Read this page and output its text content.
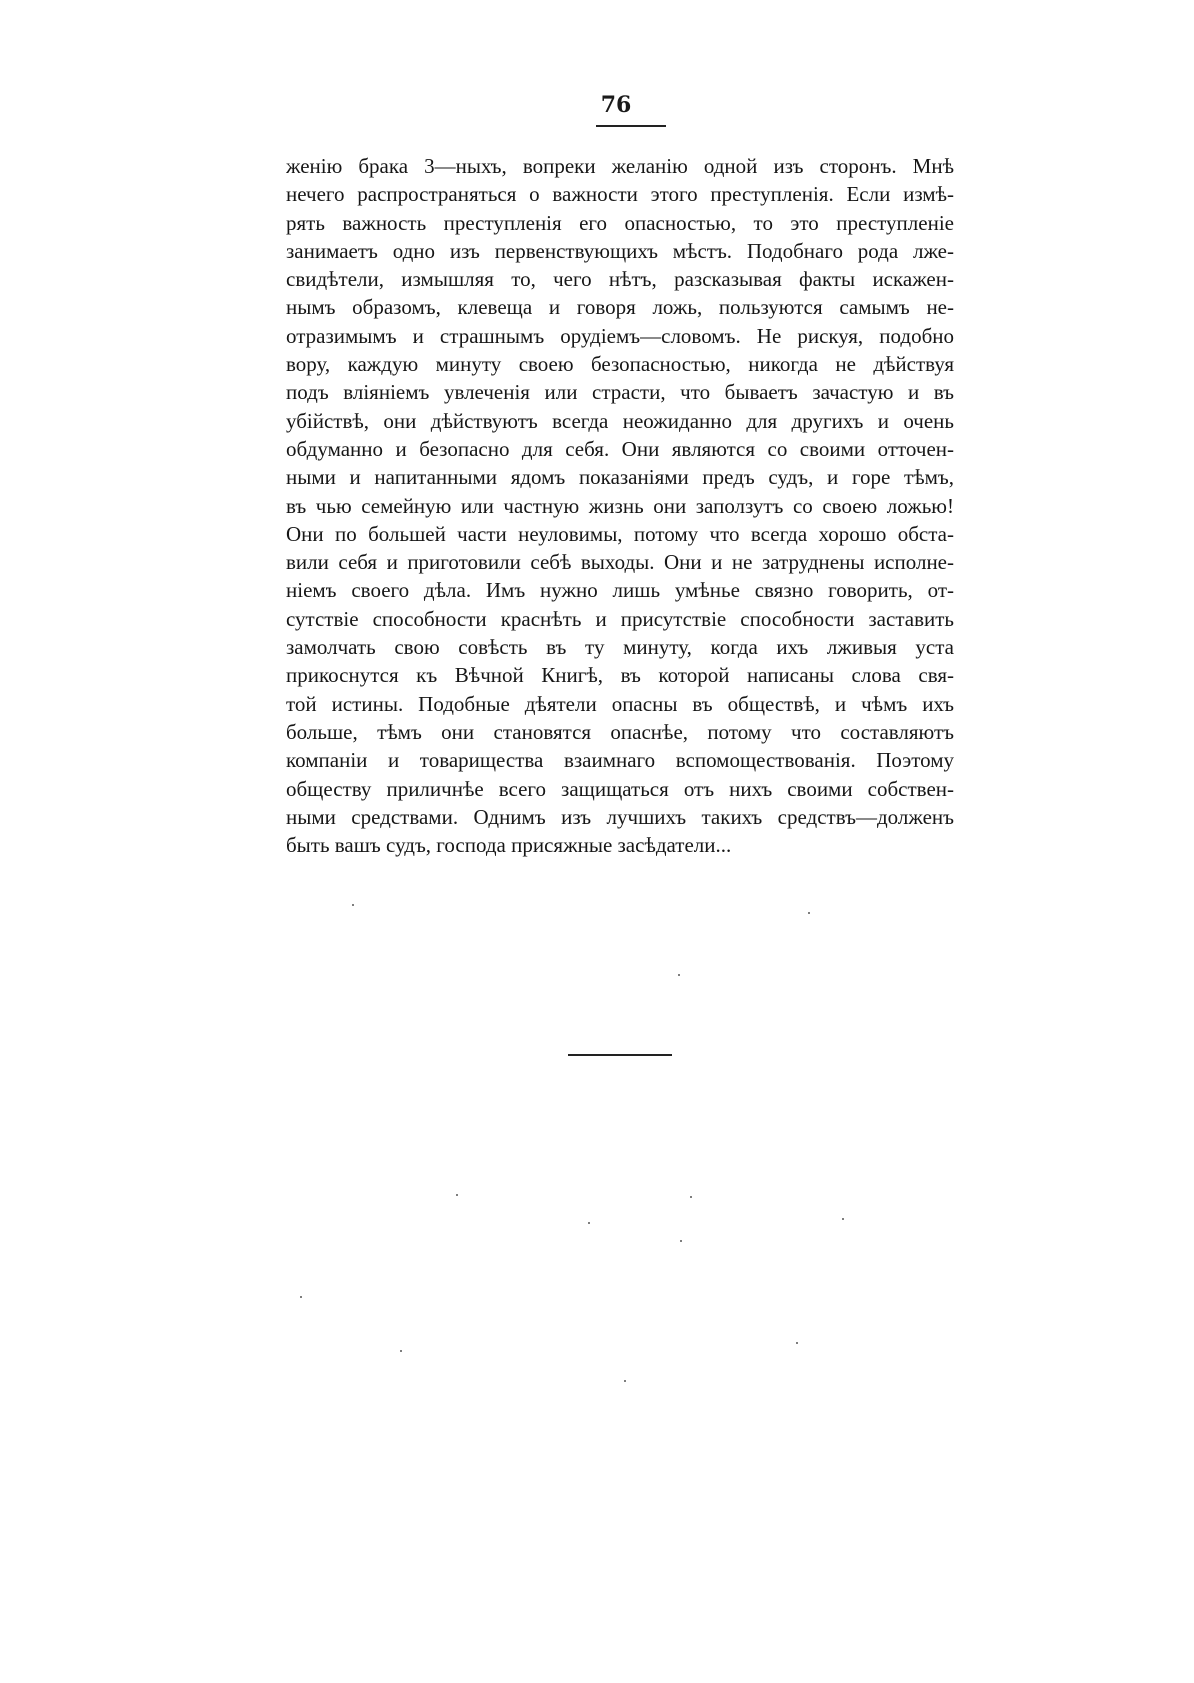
76
женію брака 3—ныхъ, вопреки желанію одной изъ сторонъ. Мнѣ
нечего распространяться о важности этого преступленія. Если измѣ-
рять важность преступленія его опасностью, то это преступленіе
занимаетъ одно изъ первенствующихъ мѣстъ. Подобнаго рода лже-
свидѣтели, измышляя то, чего нѣтъ, разсказывая факты искажен-
нымъ образомъ, клевеща и говоря ложь, пользуются самымъ не-
отразимымъ и страшнымъ орудіемъ—словомъ. Не рискуя, подобно
вору, каждую минуту своею безопасностью, никогда не дѣйствуя
подъ вліяніемъ увлеченія или страсти, что бываетъ зачастую и въ
убійствѣ, они дѣйствуютъ всегда неожиданно для другихъ и очень
обдуманно и безопасно для себя. Они являются со своими отточен-
ными и напитанными ядомъ показаніями предъ судъ, и горе тѣмъ,
въ чью семейную или частную жизнь они заползутъ со своею ложью!
Они по большей части неуловимы, потому что всегда хорошо обста-
вили себя и приготовили себѣ выходы. Они и не затруднены исполне-
ніемъ своего дѣла. Имъ нужно лишь умѣнье связно говорить, от-
сутствіе способности краснѣть и присутствіе способности заставить
замолчать свою совѣсть въ ту минуту, когда ихъ лживыя уста
прикоснутся къ Вѣчной Книгѣ, въ которой написаны слова свя-
той истины. Подобные дѣятели опасны въ обществѣ, и чѣмъ ихъ
больше, тѣмъ они становятся опаснѣе, потому что составляютъ
компаніи и товарищества взаимнаго вспомоществованія. Поэтому
обществу приличнѣе всего защищаться отъ нихъ своими собствен-
ными средствами. Однимъ изъ лучшихъ такихъ средствъ—долженъ
быть вашъ судъ, господа присяжные засѣдатели...
